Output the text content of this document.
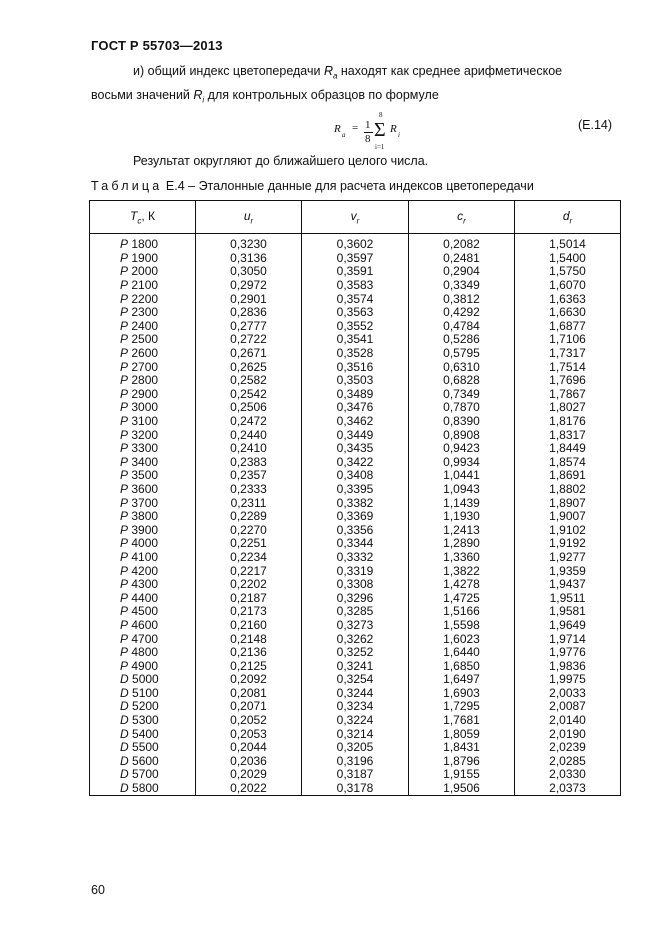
ГОСТ Р 55703—2013
и) общий индекс цветопередачи $R_a$ находят как среднее арифметическое
восьми значений $R_i$ для контрольных образцов по формуле
R a
= 1
8
8
Σ
i=1
R i
(Е.14)
Результат округляют до ближайшего целого числа.
Таблица Е.4 – Эталонные данные для расчета индексов цветопередачи
$T_c$, К	$u_r$	$v_r$	$c_r$	$d_r$
P 1800	0,3230	0,3602	0,2082	1,5014
P 1900	0,3136	0,3597	0,2481	1,5400
P 2000	0,3050	0,3591	0,2904	1,5750
P 2100	0,2972	0,3583	0,3349	1,6070
P 2200	0,2901	0,3574	0,3812	1,6363
P 2300	0,2836	0,3563	0,4292	1,6630
P 2400	0,2777	0,3552	0,4784	1,6877
P 2500	0,2722	0,3541	0,5286	1,7106
P 2600	0,2671	0,3528	0,5795	1,7317
P 2700	0,2625	0,3516	0,6310	1,7514
P 2800	0,2582	0,3503	0,6828	1,7696
P 2900	0,2542	0,3489	0,7349	1,7867
P 3000	0,2506	0,3476	0,7870	1,8027
P 3100	0,2472	0,3462	0,8390	1,8176
P 3200	0,2440	0,3449	0,8908	1,8317
P 3300	0,2410	0,3435	0,9423	1,8449
P 3400	0,2383	0,3422	0,9934	1,8574
P 3500	0,2357	0,3408	1,0441	1,8691
P 3600	0,2333	0,3395	1,0943	1,8802
P 3700	0,2311	0,3382	1,1439	1,8907
P 3800	0,2289	0,3369	1,1930	1,9007
P 3900	0,2270	0,3356	1,2413	1,9102
P 4000	0,2251	0,3344	1,2890	1,9192
P 4100	0,2234	0,3332	1,3360	1,9277
P 4200	0,2217	0,3319	1,3822	1,9359
P 4300	0,2202	0,3308	1,4278	1,9437
P 4400	0,2187	0,3296	1,4725	1,9511
P 4500	0,2173	0,3285	1,5166	1,9581
P 4600	0,2160	0,3273	1,5598	1,9649
P 4700	0,2148	0,3262	1,6023	1,9714
P 4800	0,2136	0,3252	1,6440	1,9776
P 4900	0,2125	0,3241	1,6850	1,9836
D 5000	0,2092	0,3254	1,6497	1,9975
D 5100	0,2081	0,3244	1,6903	2,0033
D 5200	0,2071	0,3234	1,7295	2,0087
D 5300	0,2052	0,3224	1,7681	2,0140
D 5400	0,2053	0,3214	1,8059	2,0190
D 5500	0,2044	0,3205	1,8431	2,0239
D 5600	0,2036	0,3196	1,8796	2,0285
D 5700	0,2029	0,3187	1,9155	2,0330
D 5800	0,2022	0,3178	1,9506	2,0373
60
